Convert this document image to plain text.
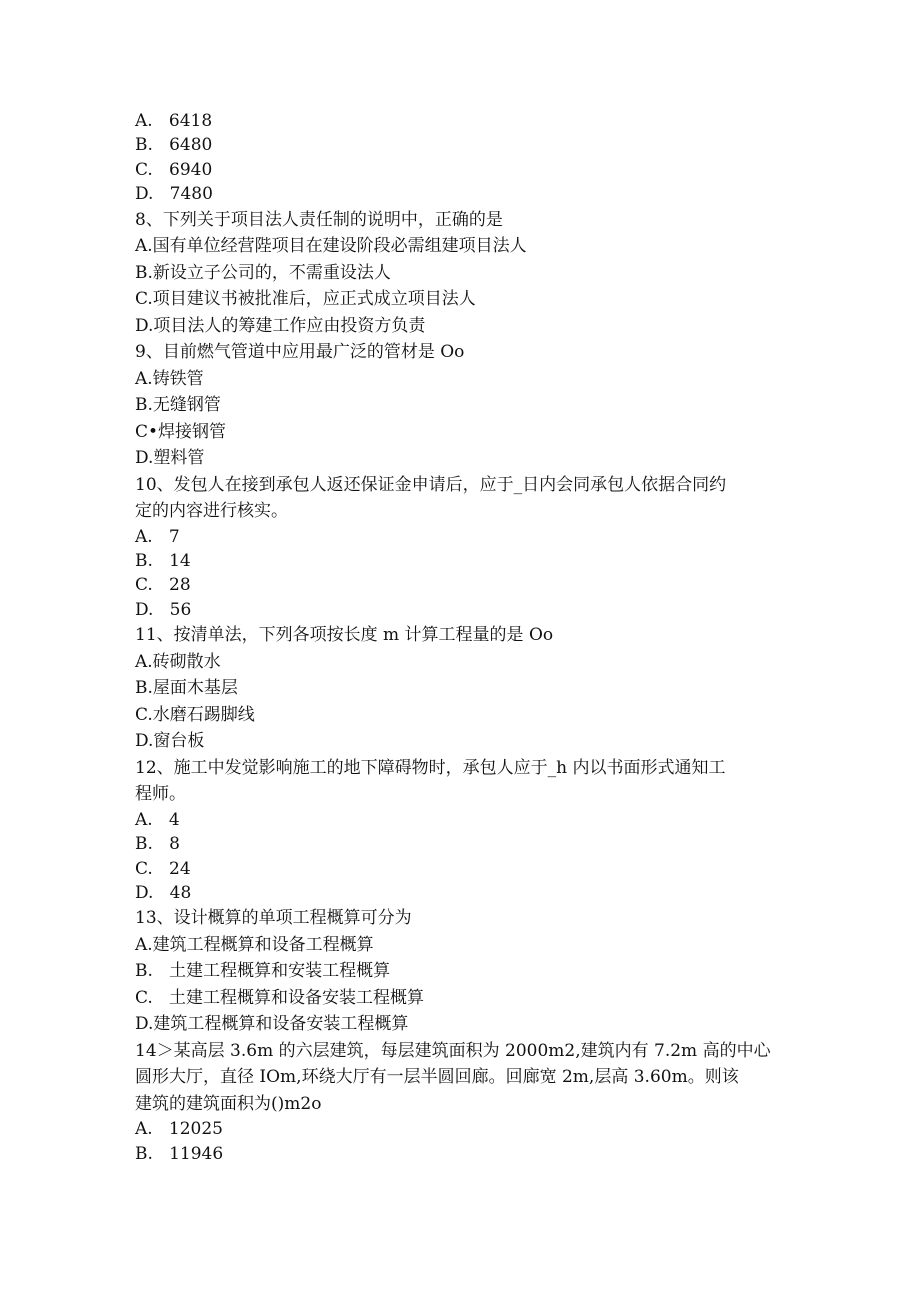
A.   6418
B.   6480
C.   6940
D.   7480
8、下列关于项目法人责任制的说明中，正确的是
A.国有单位经营陛项目在建设阶段必需组建项目法人
B.新设立子公司的，不需重设法人
C.项目建议书被批准后，应正式成立项目法人
D.项目法人的筹建工作应由投资方负责
9、目前燃气管道中应用最广泛的管材是 Oo
A.铸铁管
B.无缝钢管
C•焊接钢管
D.塑料管
10、发包人在接到承包人返还保证金申请后，应于_日内会同承包人依据合同约
定的内容进行核实。
A.   7
B.   14
C.   28
D.   56
11、按清单法，下列各项按长度 m 计算工程量的是 Oo
A.砖砌散水
B.屋面木基层
C.水磨石踢脚线
D.窗台板
12、施工中发觉影响施工的地下障碍物时，承包人应于_h 内以书面形式通知工
程师。
A.   4
B.   8
C.   24
D.   48
13、设计概算的单项工程概算可分为
A.建筑工程概算和设备工程概算
B.   土建工程概算和安装工程概算
C.   土建工程概算和设备安装工程概算
D.建筑工程概算和设备安装工程概算
14＞某高层 3.6m 的六层建筑，每层建筑面积为 2000m2,建筑内有 7.2m 高的中心
圆形大厅，直径 IOm,环绕大厅有一层半圆回廊。回廊宽 2m,层高 3.60m。则该
建筑的建筑面积为()m2o
A.   12025
B.   11946
